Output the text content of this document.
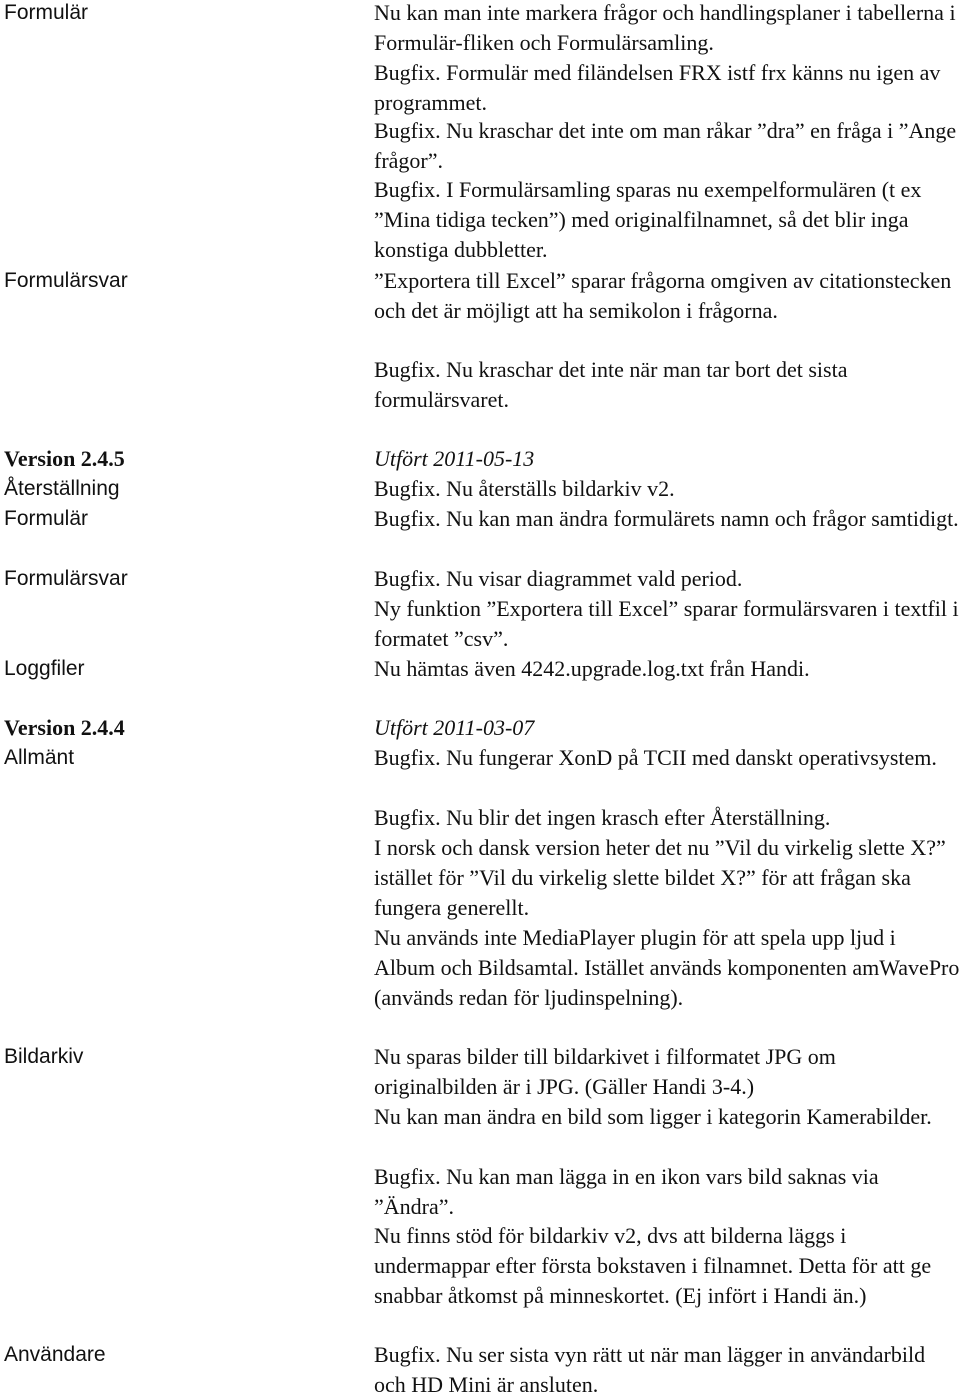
Formulär	Nu kan man inte markera frågor och handlingsplaner i tabellerna i Formulär-fliken och Formulärsamling.
Bugfix. Formulär med filändelsen FRX istf frx känns nu igen av programmet.
Bugfix. Nu kraschar det inte om man råkar ”dra” en fråga i ”Ange frågor”.
Bugfix. I Formulärsamling sparas nu exempelformulären (t ex ”Mina tidiga tecken”) med originalfilnamnet, så det blir inga konstiga dubbletter.
Formulärsvar	”Exportera till Excel” sparar frågorna omgiven av citationstecken och det är möjligt att ha semikolon i frågorna.
Bugfix. Nu kraschar det inte när man tar bort det sista formulärsvaret.
Version 2.4.5	Utfört 2011-05-13
Återställning	Bugfix. Nu återställs bildarkiv v2.
Formulär	Bugfix. Nu kan man ändra formulärets namn och frågor samtidigt.
Formulärsvar	Bugfix. Nu visar diagrammet vald period.
Ny funktion ”Exportera till Excel” sparar formulärsvaren i textfil i formatet ”csv”.
Loggfiler	Nu hämtas även 4242.upgrade.log.txt från Handi.
Version 2.4.4	Utfört 2011-03-07
Allmänt	Bugfix. Nu fungerar XonD på TCII med danskt operativsystem.
Bugfix. Nu blir det ingen krasch efter Återställning.
I norsk och dansk version heter det nu ”Vil du virkelig slette X?” istället för ”Vil du virkelig slette bildet X?” för att frågan ska fungera generellt.
Nu används inte MediaPlayer plugin för att spela upp ljud i Album och Bildsamtal. Istället används komponenten amWavePro (används redan för ljudinspelning).
Bildarkiv	Nu sparas bilder till bildarkivet i filformatet JPG om originalbilden är i JPG. (Gäller Handi 3-4.)
Nu kan man ändra en bild som ligger i kategorin Kamerabilder.
Bugfix. Nu kan man lägga in en ikon vars bild saknas via ”Ändra”.
Nu finns stöd för bildarkiv v2, dvs att bilderna läggs i undermappar efter första bokstaven i filnamnet. Detta för att ge snabbar åtkomst på minneskortet. (Ej infört i Handi än.)
Användare	Bugfix. Nu ser sista vyn rätt ut när man lägger in användarbild och HD Mini är ansluten.
